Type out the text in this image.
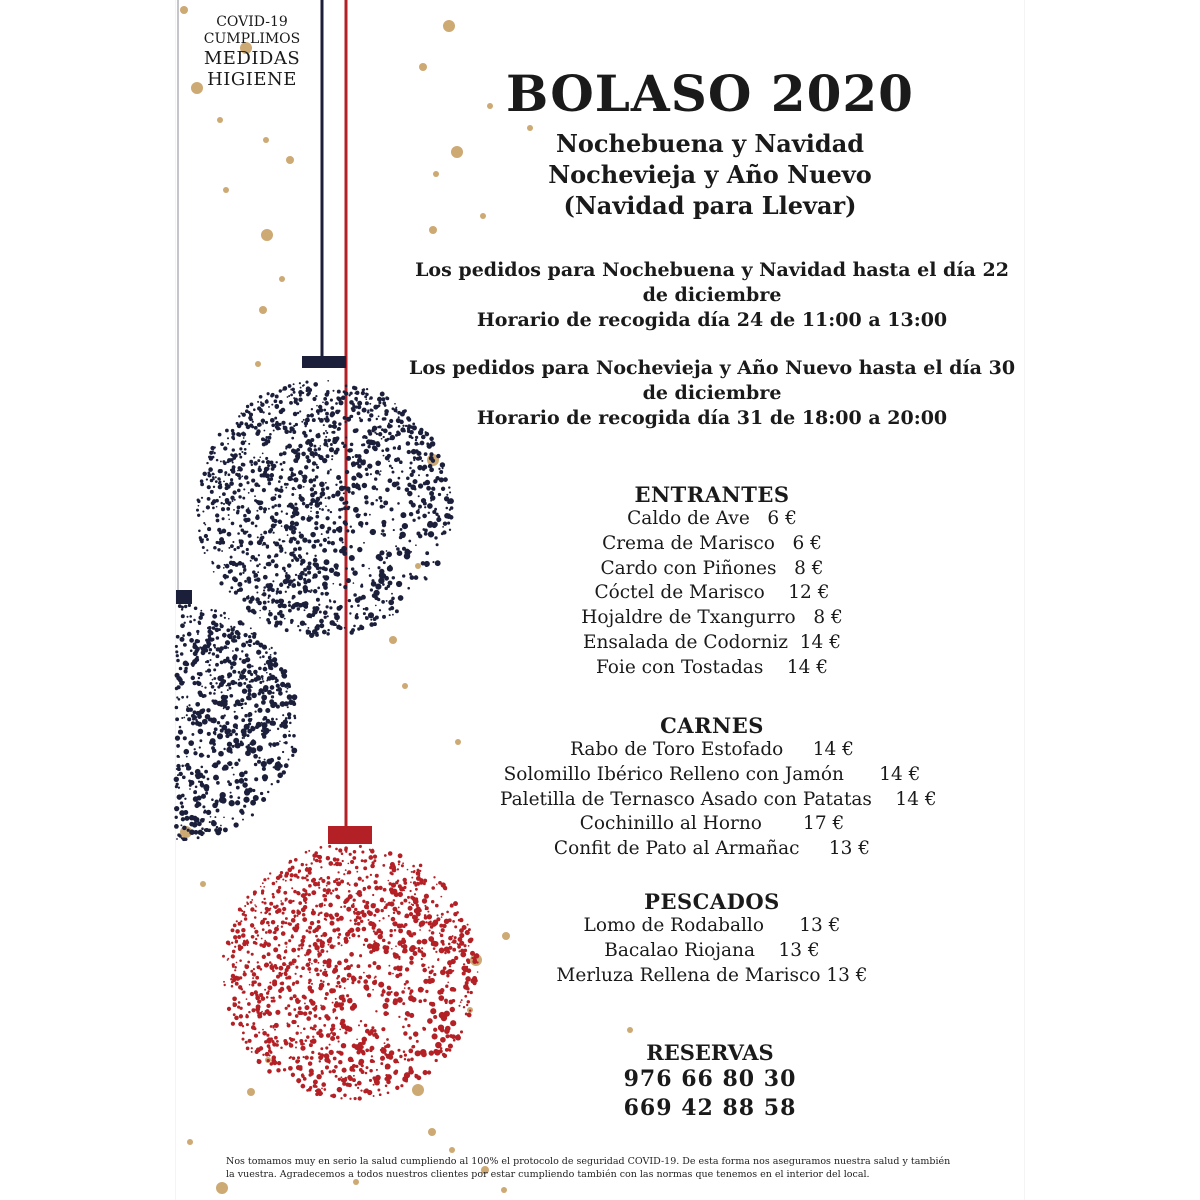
COVID-19
CUMPLIMOS
MEDIDAS
HIGIENE	BOLASO 2020
Nochebuena y Navidad
Nochevieja y Año Nuevo
(Navidad para Llevar)
Los pedidos para Nochebuena y Navidad hasta el día 22
de diciembre
Horario de recogida día 24 de 11:00 a 13:00
Los pedidos para Nochevieja y Año Nuevo hasta el día 30
de diciembre
Horario de recogida día 31 de 18:00 a 20:00
ENTRANTES
Caldo de Ave   6 €
Crema de Marisco   6 €
Cardo con Piñones   8 €
Cóctel de Marisco    12 €
Hojaldre de Txangurro   8 €
Ensalada de Codorniz  14 €
Foie con Tostadas    14 €
CARNES
Rabo de Toro Estofado     14 €
Solomillo Ibérico Relleno con Jamón      14 €
Paletilla de Ternasco Asado con Patatas    14 €
Cochinillo al Horno       17 €
Confit de Pato al Armañac     13 €
PESCADOS
Lomo de Rodaballo      13 €
Bacalao Riojana    13 €
Merluza Rellena de Marisco 13 €
RESERVAS
976 66 80 30
669 42 88 58
Nos tomamos muy en serio la salud cumpliendo al 100% el protocolo de seguridad COVID-19. De esta forma nos aseguramos nuestra salud y también
la vuestra. Agradecemos a todos nuestros clientes por estar cumpliendo también con las normas que tenemos en el interior del local.
